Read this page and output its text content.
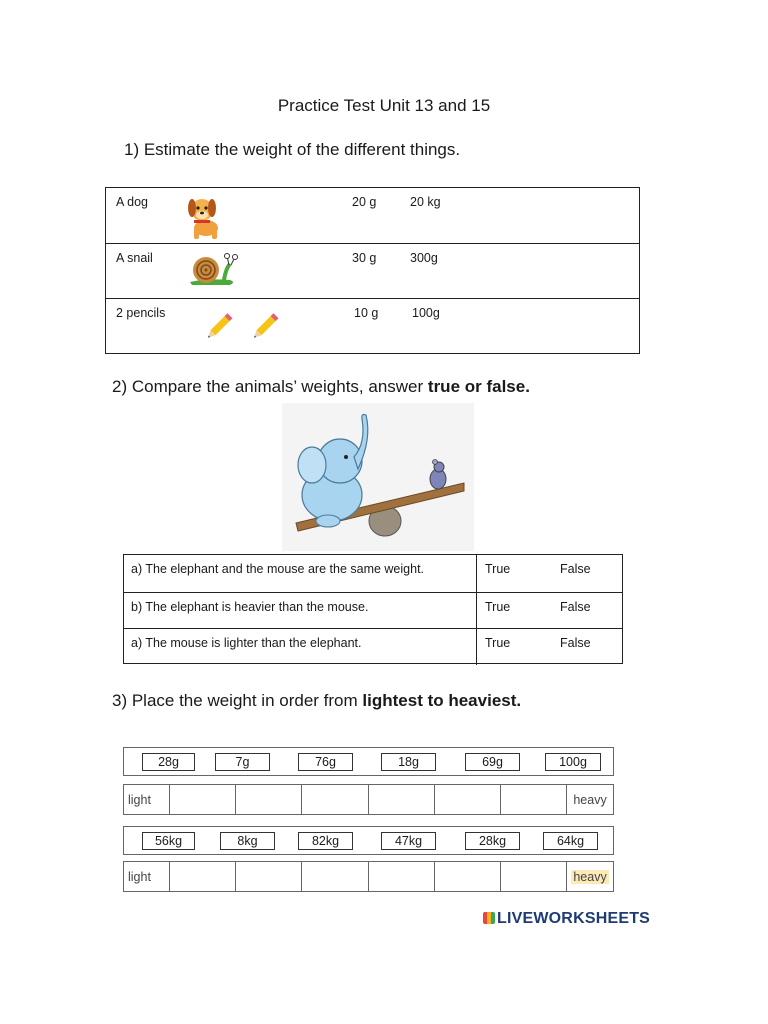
Practice Test Unit 13 and 15
1) Estimate the weight of the different things.
A dog	20 g	20 kg
A snail	30 g	300g
2 pencils	10 g	100g
2) Compare the animals’ weights, answer true or false.
a) The elephant and the mouse are the same weight.	True	False
b) The elephant is heavier than the mouse.	True	False
a) The mouse is lighter than the elephant.	True	False
3) Place the weight in order from lightest to heaviest.
28g	7g	76g	18g	69g	100g
light	heavy
56kg	8kg	82kg	47kg	28kg	64kg
light	heavy
LIVEWORKSHEETS
